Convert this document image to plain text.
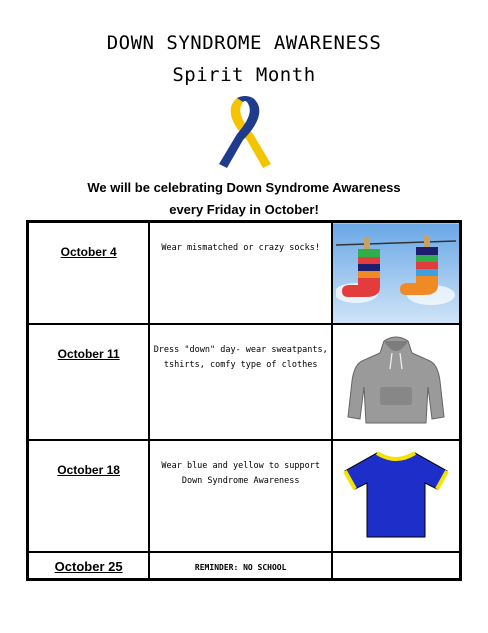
DOWN SYNDROME AWARENESS
Spirit Month
We will be celebrating Down Syndrome Awareness
every Friday in October!
October 4	Wear mismatched or crazy socks!

October 11	Dress "down" day- wear sweatpants, tshirts, comfy type of clothes

October 18	Wear blue and yellow to support Down Syndrome Awareness

October 25	REMINDER: NO SCHOOL	
